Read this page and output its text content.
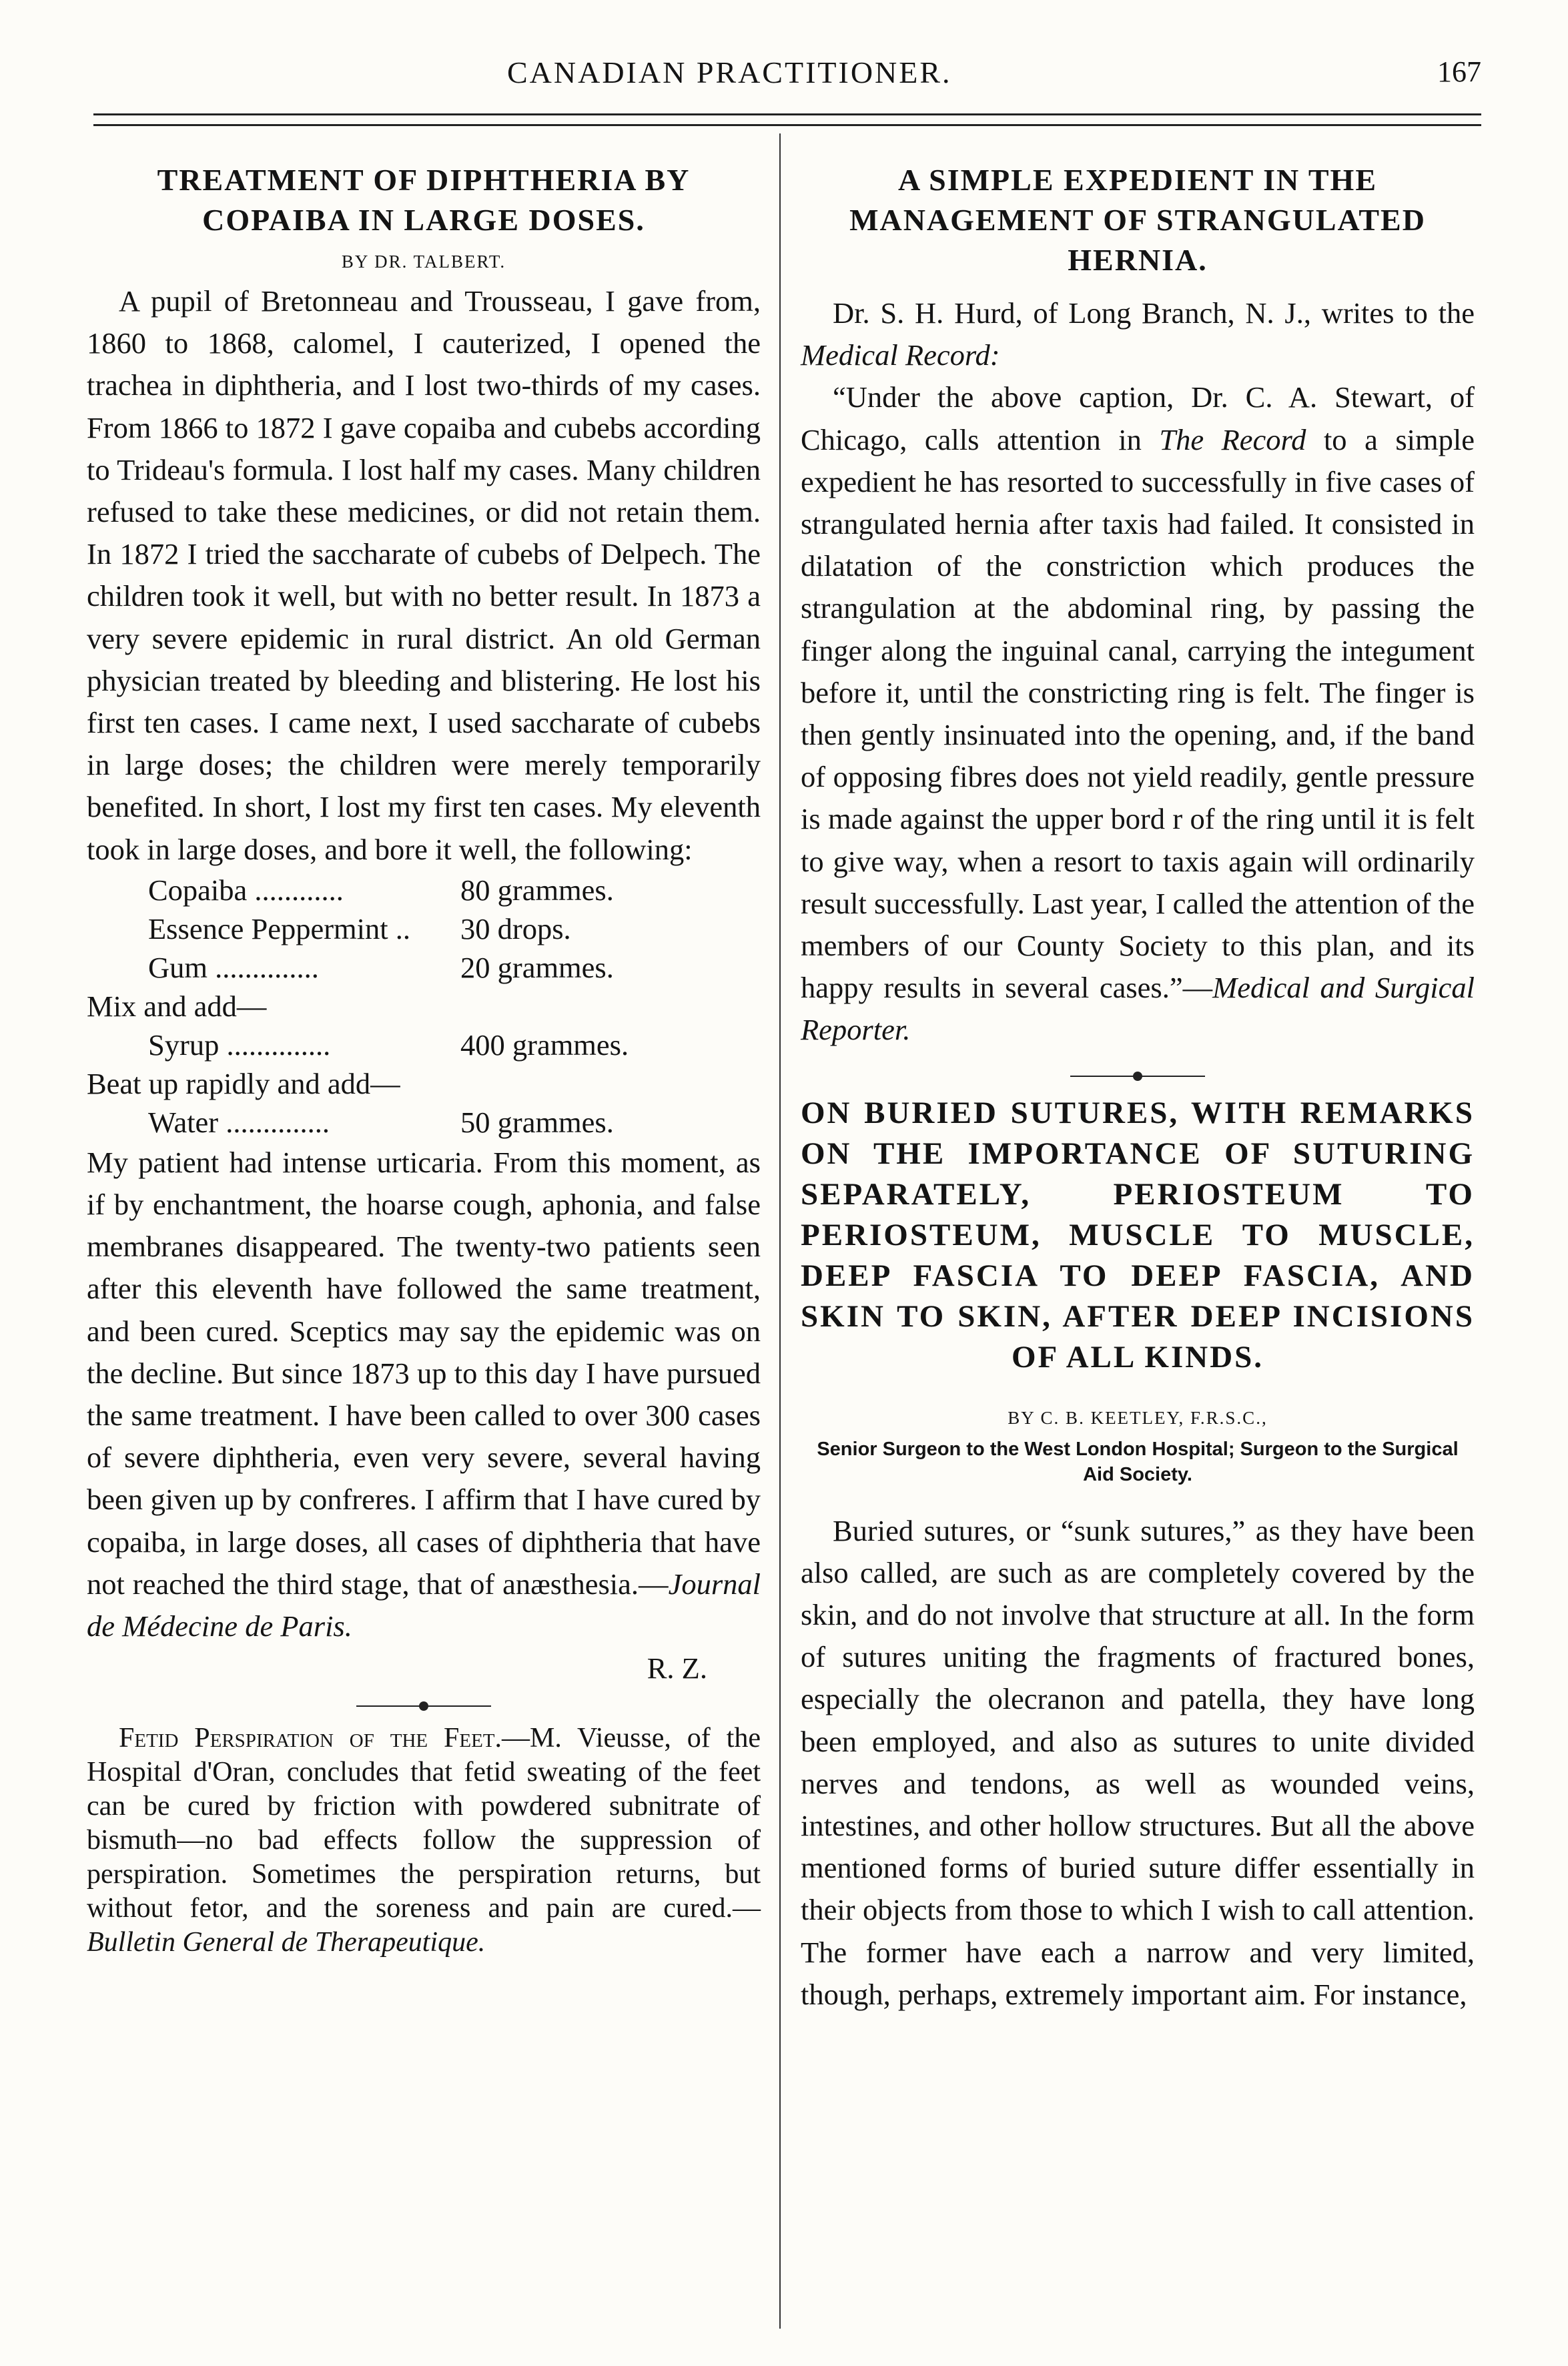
CANADIAN PRACTITIONER.	167
TREATMENT OF DIPHTHERIA BY COPAIBA IN LARGE DOSES.
BY DR. TALBERT.

A pupil of Bretonneau and Trousseau, I gave from, 1860 to 1868, calomel, I cauterized, I opened the trachea in diphtheria, and I lost two-thirds of my cases. From 1866 to 1872 I gave copaiba and cubebs according to Trideau's formula. I lost half my cases. Many children refused to take these medicines, or did not retain them. In 1872 I tried the saccharate of cubebs of Delpech. The children took it well, but with no better result. In 1873 a very severe epidemic in rural district. An old German physician treated by bleeding and blistering. He lost his first ten cases. I came next, I used saccharate of cubebs in large doses; the children were merely temporarily benefited. In short, I lost my first ten cases. My eleventh took in large doses, and bore it well, the following:

Copaiba ............	80 grammes.
Essence Peppermint ..	30 drops.
Gum ..............	20 grammes.
Mix and add—
Syrup ..............	400 grammes.
Beat up rapidly and add—
Water ..............	50 grammes.

My patient had intense urticaria. From this moment, as if by enchantment, the hoarse cough, aphonia, and false membranes disappeared. The twenty-two patients seen after this eleventh have followed the same treatment, and been cured. Sceptics may say the epidemic was on the decline. But since 1873 up to this day I have pursued the same treatment. I have been called to over 300 cases of severe diphtheria, even very severe, several having been given up by confreres. I affirm that I have cured by copaiba, in large doses, all cases of diphtheria that have not reached the third stage, that of anæsthesia.—Journal de Médecine de Paris.

R. Z.

Fetid Perspiration of the Feet.—M. Vieusse, of the Hospital d'Oran, concludes that fetid sweating of the feet can be cured by friction with powdered subnitrate of bismuth—no bad effects follow the suppression of perspiration. Sometimes the perspiration returns, but without fetor, and the soreness and pain are cured.—Bulletin General de Therapeutique.

A SIMPLE EXPEDIENT IN THE MANAGEMENT OF STRANGULATED HERNIA.

Dr. S. H. Hurd, of Long Branch, N. J., writes to the Medical Record:

“Under the above caption, Dr. C. A. Stewart, of Chicago, calls attention in The Record to a simple expedient he has resorted to successfully in five cases of strangulated hernia after taxis had failed. It consisted in dilatation of the constriction which produces the strangulation at the abdominal ring, by passing the finger along the inguinal canal, carrying the integument before it, until the constricting ring is felt. The finger is then gently insinuated into the opening, and, if the band of opposing fibres does not yield readily, gentle pressure is made against the upper bord r of the ring until it is felt to give way, when a resort to taxis again will ordinarily result successfully. Last year, I called the attention of the members of our County Society to this plan, and its happy results in several cases.”—Medical and Surgical Reporter.

ON BURIED SUTURES, WITH REMARKS ON THE IMPORTANCE OF SUTURING SEPARATELY, PERIOSTEUM TO PERIOSTEUM, MUSCLE TO MUSCLE, DEEP FASCIA TO DEEP FASCIA, AND SKIN TO SKIN, AFTER DEEP INCISIONS OF ALL KINDS.
BY C. B. KEETLEY, F.R.S.C.,
Senior Surgeon to the West London Hospital; Surgeon to the Surgical Aid Society.

Buried sutures, or “sunk sutures,” as they have been also called, are such as are completely covered by the skin, and do not involve that structure at all. In the form of sutures uniting the fragments of fractured bones, especially the olecranon and patella, they have long been employed, and also as sutures to unite divided nerves and tendons, as well as wounded veins, intestines, and other hollow structures. But all the above mentioned forms of buried suture differ essentially in their objects from those to which I wish to call attention. The former have each a narrow and very limited, though, perhaps, extremely important aim. For instance,
